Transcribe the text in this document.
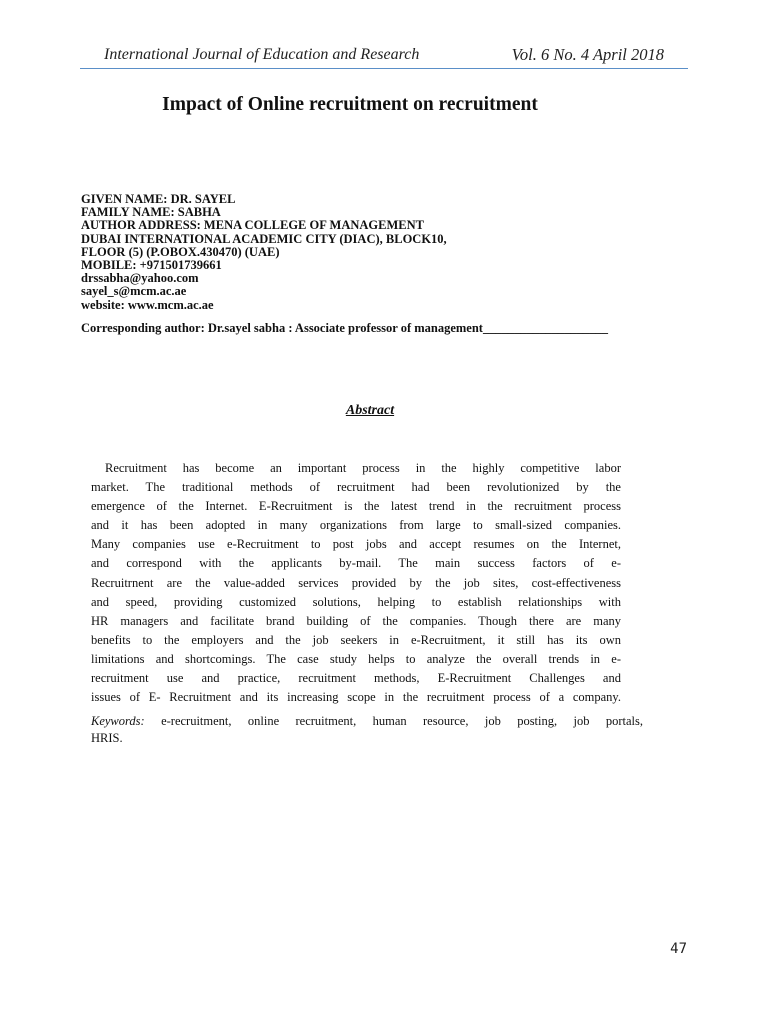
International Journal of Education and Research	Vol. 6 No. 4 April 2018
Impact of Online recruitment on recruitment
GIVEN NAME: DR. SAYEL
FAMILY NAME: SABHA
AUTHOR ADDRESS: MENA COLLEGE OF MANAGEMENT
DUBAI INTERNATIONAL ACADEMIC CITY (DIAC), BLOCK10,
FLOOR (5) (P.OBOX.430470) (UAE)
MOBILE: +971501739661
drssabha@yahoo.com
sayel_s@mcm.ac.ae
website: www.mcm.ac.ae
Corresponding author: Dr.sayel sabha : Associate professor of management____________________
Abstract
Recruitment has become an important process in the highly competitive labor
market. The traditional methods of recruitment had been revolutionized by the
emergence of the Internet. E-Recruitment is the latest trend in the recruitment process
and it has been adopted in many organizations from large to small-sized companies.
Many companies use e-Recruitment to post jobs and accept resumes on the Internet,
and correspond with the applicants by-mail. The main success factors of e-
Recruitrnent are the value-added services provided by the job sites, cost-effectiveness
and speed, providing customized solutions, helping to establish relationships with
HR managers and facilitate brand building of the companies. Though there are many
benefits to the employers and the job seekers in e-Recruitment, it still has its own
limitations and shortcomings. The case study helps to analyze the overall trends in e-
recruitment use and practice, recruitment methods, E-Recruitment Challenges and
issues of E- Recruitment and its increasing scope in the recruitment process of a company.
Keywords: e-recruitment, online recruitment, human resource, job posting, job portals,
HRIS.
47
